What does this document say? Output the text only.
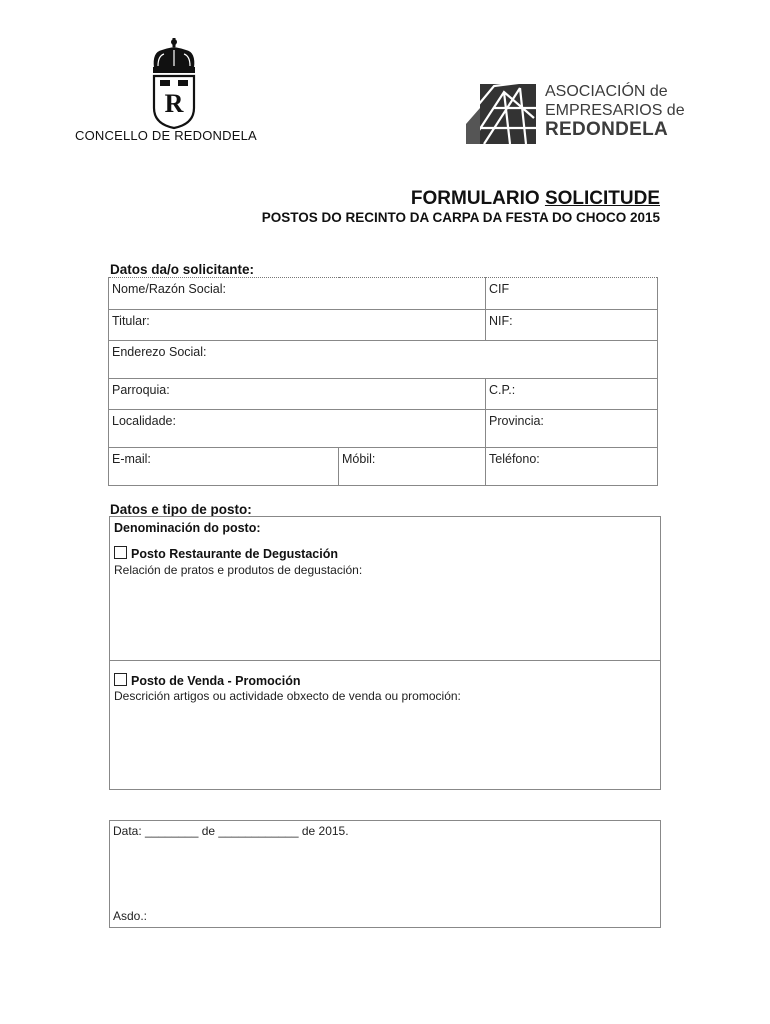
R
CONCELLO DE REDONDELA
ASOCIACIÓN de
EMPRESARIOS de
REDONDELA
FORMULARIO SOLICITUDE
POSTOS DO RECINTO DA CARPA DA FESTA DO CHOCO 2015
Datos da/o solicitante:
Nome/Razón Social:		CIF
Titular:		NIF:
Enderezo Social:		
Parroquia:		C.P.:
Localidade:		Provincia:
E-mail:	Móbil:	Teléfono:
Datos e tipo de posto:
Denominación do posto:
Posto Restaurante de Degustación
Relación de pratos e produtos de degustación:
Posto de Venda - Promoción
Descrición artigos ou actividade obxecto de venda ou promoción:
Data: ________ de ____________ de 2015.
Asdo.:
